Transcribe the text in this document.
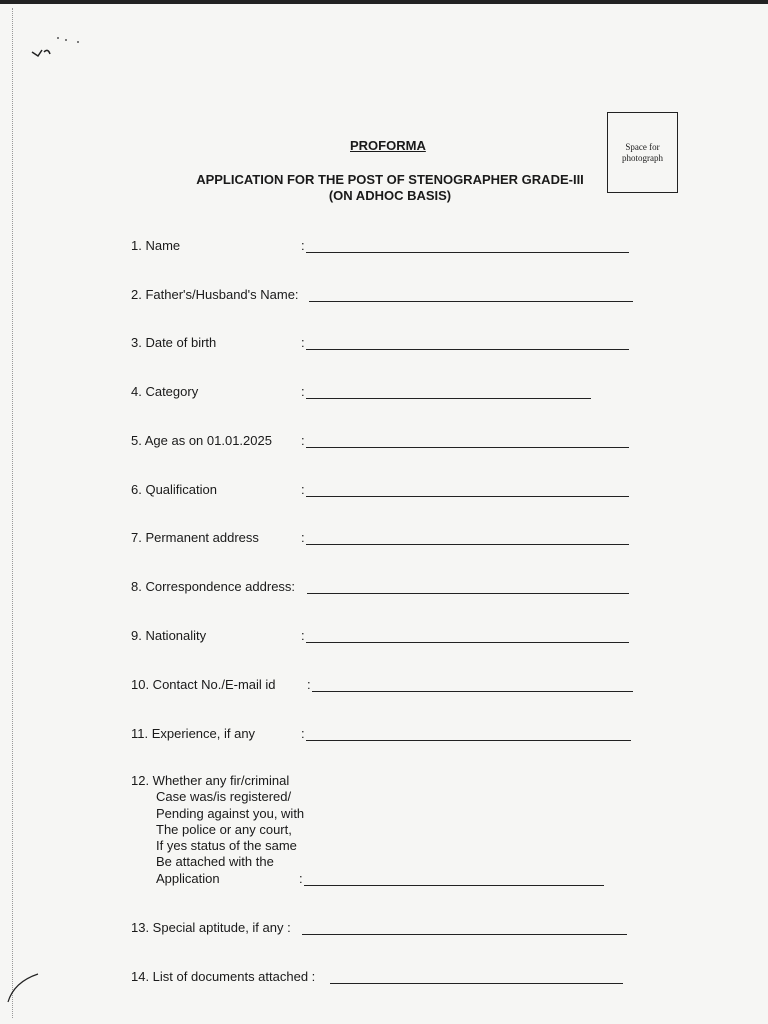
PROFORMA
APPLICATION FOR THE POST OF STENOGRAPHER GRADE-III
(ON ADHOC BASIS)
Space for
photograph
1. Name	:
2. Father's/Husband's Name:
3. Date of birth	:
4. Category	:
5. Age as on 01.01.2025 :
6. Qualification	:
7. Permanent address	:
8. Correspondence address:
9. Nationality	:
10. Contact No./E-mail id :
11. Experience, if any	:
12. Whether any fir/criminal
Case was/is registered/
Pending against you, with
The police or any court,
If yes status of the same
Be attached with the
Application	:
13. Special aptitude, if any :
14. List of documents attached :
